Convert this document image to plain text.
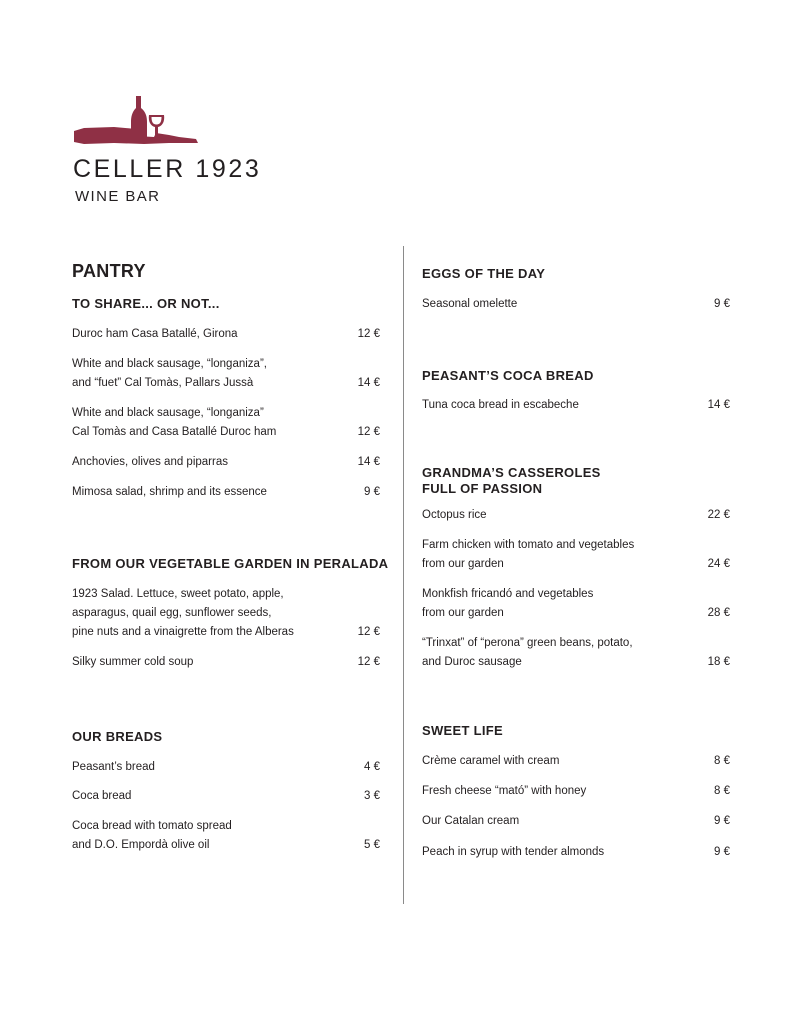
CELLER 1923
WINE BAR
PANTRY
TO SHARE... OR NOT...
Duroc ham Casa Batallé, Girona	12 €
White and black sausage, “longaniza”,
and “fuet” Cal Tomàs, Pallars Jussà	14 €
White and black sausage, “longaniza”
Cal Tomàs and Casa Batallé Duroc ham	12 €
Anchovies, olives and piparras	14 €
Mimosa salad, shrimp and its essence	9 €
FROM OUR VEGETABLE GARDEN IN PERALADA
1923 Salad. Lettuce, sweet potato, apple,
asparagus, quail egg, sunflower seeds,
pine nuts and a vinaigrette from the Alberas	12 €
Silky summer cold soup	12 €
OUR BREADS
Peasant’s bread	4 €
Coca bread	3 €
Coca bread with tomato spread
and D.O. Empordà olive oil	5 €
EGGS OF THE DAY
Seasonal omelette	9 €
PEASANT’S COCA BREAD
Tuna coca bread in escabeche	14 €
GRANDMA’S CASSEROLES
FULL OF PASSION
Octopus rice	22 €
Farm chicken with tomato and vegetables
from our garden	24 €
Monkfish fricandó and vegetables
from our garden	28 €
“Trinxat” of “perona” green beans, potato,
and Duroc sausage	18 €
SWEET LIFE
Crème caramel with cream	8 €
Fresh cheese “mató” with honey	8 €
Our Catalan cream	9 €
Peach in syrup with tender almonds	9 €
